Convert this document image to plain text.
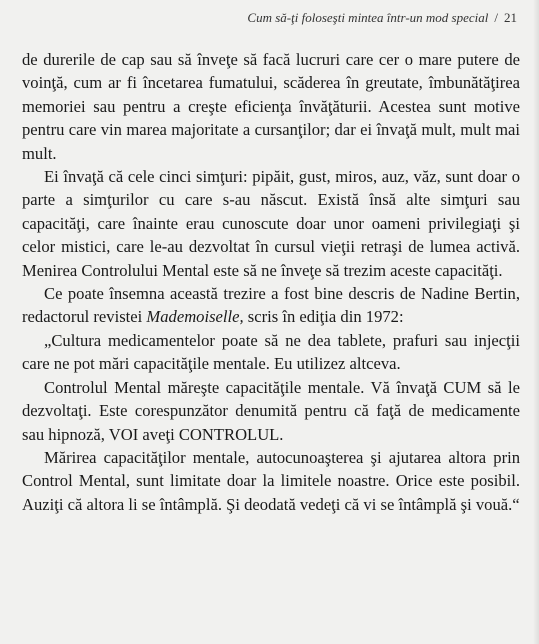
Cum să-ţi foloseşti mintea într-un mod special / 21

de durerile de cap sau să înveţe să facă lucruri care cer o mare putere de voinţă, cum ar fi încetarea fumatului, scăderea în greutate, îmbunătăţirea memoriei sau pentru a creşte eficienţa învăţăturii. Acestea sunt motive pentru care vin marea majoritate a cursanţilor; dar ei învaţă mult, mult mai mult.

Ei învaţă că cele cinci simţuri: pipăit, gust, miros, auz, văz, sunt doar o parte a simţurilor cu care s-au născut. Există însă alte simţuri sau capacităţi, care înainte erau cunoscute doar unor oameni privilegiaţi şi celor mistici, care le-au dezvoltat în cursul vieţii retraşi de lumea activă. Menirea Controlului Mental este să ne înveţe să trezim aceste capacităţi.

Ce poate însemna această trezire a fost bine descris de Nadine Bertin, redactorul revistei Mademoiselle, scris în ediţia din 1972:

„Cultura medicamentelor poate să ne dea tablete, prafuri sau injecţii care ne pot mări capacităţile mentale. Eu utilizez altceva.

Controlul Mental măreşte capacităţile mentale. Vă învaţă CUM să le dezvoltaţi. Este corespunzător denumită pentru că faţă de medicamente sau hipnoză, VOI aveţi CONTROLUL.

Mărirea capacităţilor mentale, autocunoaşterea şi ajutarea altora prin Control Mental, sunt limitate doar la limitele noastre. Orice este posibil. Auziţi că altora li se întâmplă. Şi deodată vedeţi că vi se întâmplă şi vouă.“
